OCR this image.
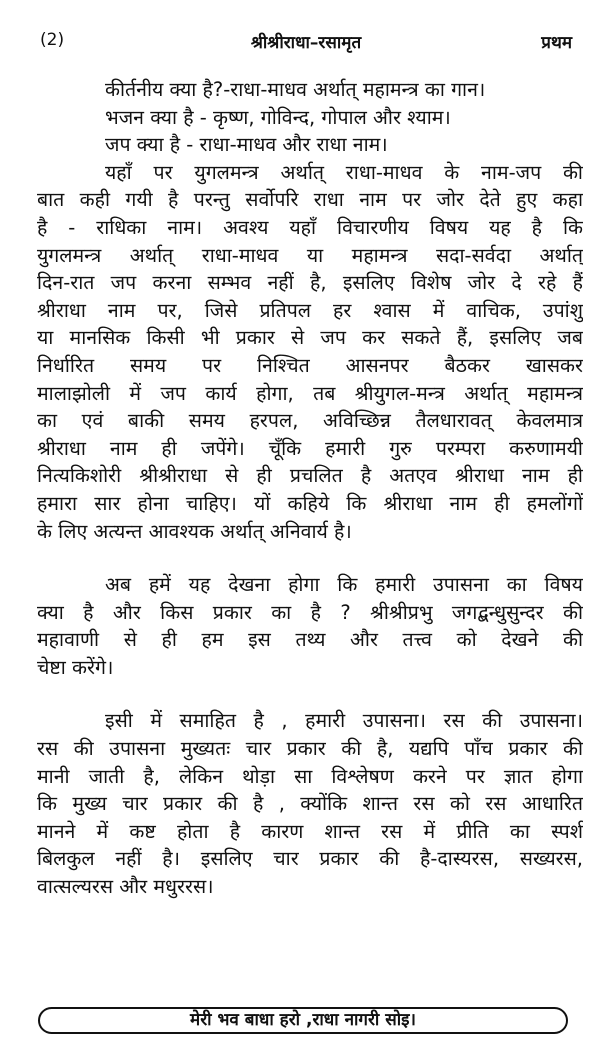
(2)	श्रीश्रीराधा–रसामृत	प्रथम
कीर्तनीय क्या है?-राधा-माधव अर्थात् महामन्त्र का गान।
भजन क्या है - कृष्ण, गोविन्द, गोपाल और श्याम।
जप क्या है - राधा-माधव और राधा नाम।
यहाँ पर युगलमन्त्र अर्थात् राधा-माधव के नाम-जप की
बात कही गयी है परन्तु सर्वोपरि राधा नाम पर जोर देते हुए कहा
है - राधिका नाम। अवश्य यहाँ विचारणीय विषय यह है कि
युगलमन्त्र अर्थात् राधा-माधव या महामन्त्र सदा-सर्वदा अर्थात्
दिन-रात जप करना सम्भव नहीं है, इसलिए विशेष जोर दे रहे हैं
श्रीराधा नाम पर, जिसे प्रतिपल हर श्वास में वाचिक, उपांशु
या मानसिक किसी भी प्रकार से जप कर सकते हैं, इसलिए जब
निर्धारित समय पर निश्चित आसनपर बैठकर खासकर
मालाझोली में जप कार्य होगा, तब श्रीयुगल-मन्त्र अर्थात् महामन्त्र
का एवं बाकी समय हरपल, अविच्छिन्न तैलधारावत् केवलमात्र
श्रीराधा नाम ही जपेंगे। चूँकि हमारी गुरु परम्परा करुणामयी
नित्यकिशोरी श्रीश्रीराधा से ही प्रचलित है अतएव श्रीराधा नाम ही
हमारा सार होना चाहिए। यों कहिये कि श्रीराधा नाम ही हमलोंगों
के लिए अत्यन्त आवश्यक अर्थात् अनिवार्य है।
अब हमें यह देखना होगा कि हमारी उपासना का विषय
क्या है और किस प्रकार का है ? श्रीश्रीप्रभु जगद्बन्धुसुन्दर की
महावाणी से ही हम इस तथ्य और तत्त्व को देखने की
चेष्टा करेंगे।
इसी में समाहित है , हमारी उपासना। रस की उपासना।
रस की उपासना मुख्यतः चार प्रकार की है, यद्यपि पाँच प्रकार की
मानी जाती है, लेकिन थोड़ा सा विश्लेषण करने पर ज्ञात होगा
कि मुख्य चार प्रकार की है , क्योंकि शान्त रस को रस आधारित
मानने में कष्ट होता है कारण शान्त रस में प्रीति का स्पर्श
बिलकुल नहीं है। इसलिए चार प्रकार की है-दास्यरस, सख्यरस,
वात्सल्यरस और मधुररस।
मेरी भव बाधा हरो ,राधा नागरी सोइ।
